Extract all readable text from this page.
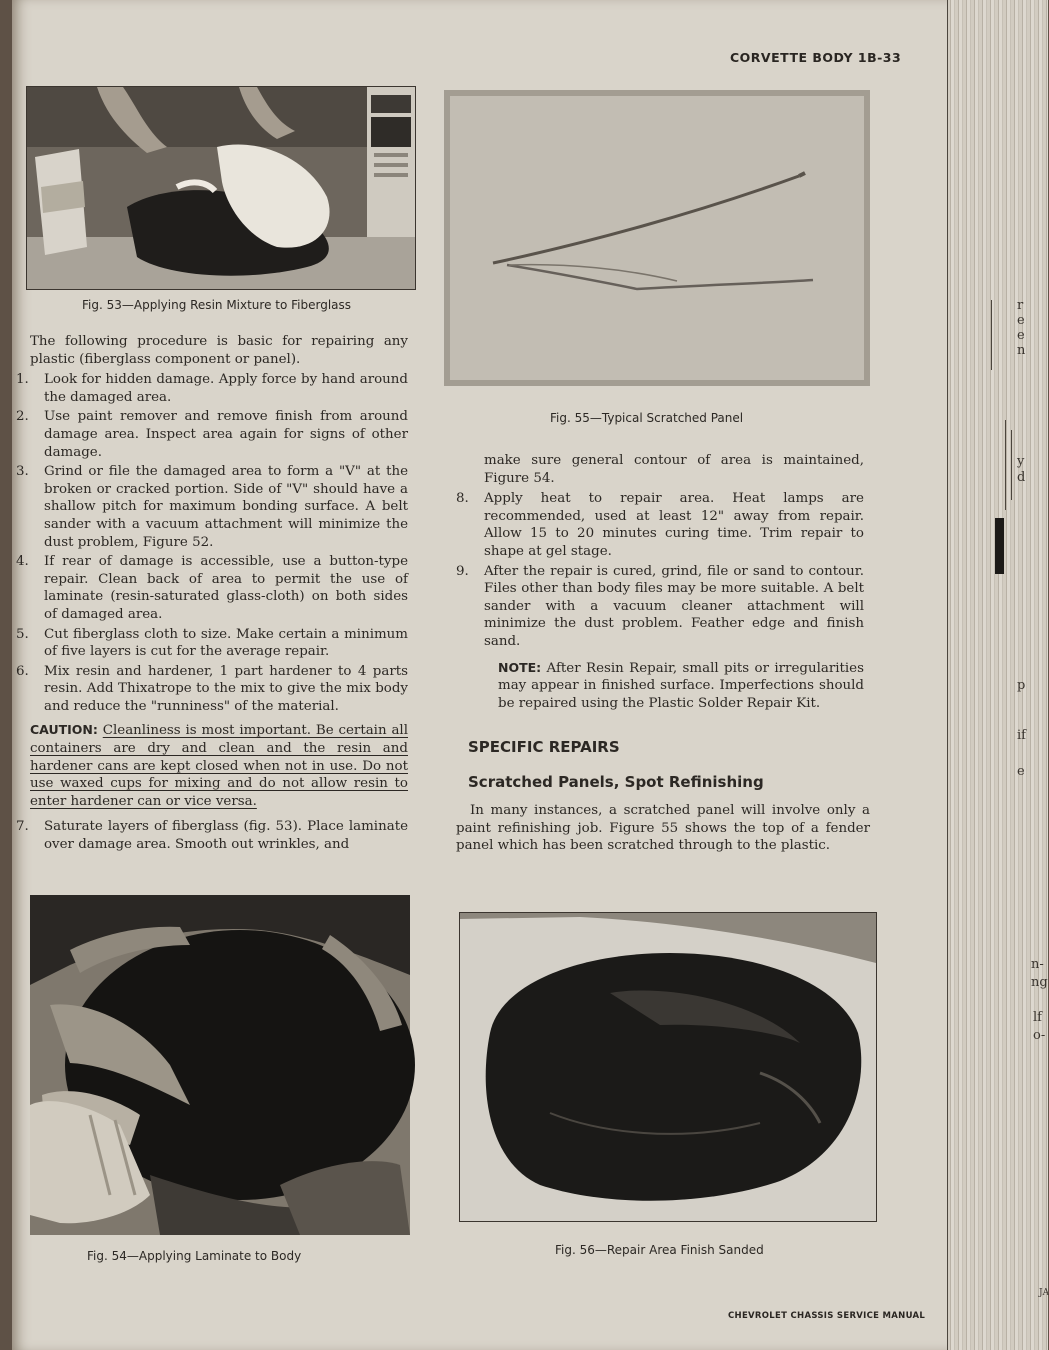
CORVETTE BODY 1B-33
Fig. 53—Applying Resin Mixture to Fiberglass

The following procedure is basic for repairing any plastic (fiberglass component or panel).

1. Look for hidden damage. Apply force by hand around the damaged area.
2. Use paint remover and remove finish from around damage area. Inspect area again for signs of other damage.
3. Grind or file the damaged area to form a "V" at the broken or cracked portion. Side of "V" should have a shallow pitch for maximum bonding surface. A belt sander with a vacuum attachment will minimize the dust problem, Figure 52.
4. If rear of damage is accessible, use a button-type repair. Clean back of area to permit the use of laminate (resin-saturated glass-cloth) on both sides of damaged area.
5. Cut fiberglass cloth to size. Make certain a minimum of five layers is cut for the average repair.
6. Mix resin and hardener, 1 part hardener to 4 parts resin. Add Thixatrope to the mix to give the mix body and reduce the "runniness" of the material.

CAUTION: Cleanliness is most important. Be certain all containers are dry and clean and the resin and hardener cans are kept closed when not in use. Do not use waxed cups for mixing and do not allow resin to enter hardener can or vice versa.

7. Saturate layers of fiberglass (fig. 53). Place laminate over damage area. Smooth out wrinkles, and
Fig. 54—Applying Laminate to Body
Fig. 55—Typical Scratched Panel

make sure general contour of area is maintained, Figure 54.

8. Apply heat to repair area. Heat lamps are recommended, used at least 12" away from repair. Allow 15 to 20 minutes curing time. Trim repair to shape at gel stage.
9. After the repair is cured, grind, file or sand to contour. Files other than body files may be more suitable. A belt sander with a vacuum cleaner attachment will minimize the dust problem. Feather edge and finish sand.

NOTE: After Resin Repair, small pits or irregularities may appear in finished surface. Imperfections should be repaired using the Plastic Solder Repair Kit.

SPECIFIC REPAIRS
Scratched Panels, Spot Refinishing

In many instances, a scratched panel will involve only a paint refinishing job. Figure 55 shows the top of a fender panel which has been scratched through to the plastic.

Fig. 56—Repair Area Finish Sanded
CHEVROLET CHASSIS SERVICE MANUAL
r
e
e
n
y
d
p
if
e
n-
ng
lf
o-
JA
